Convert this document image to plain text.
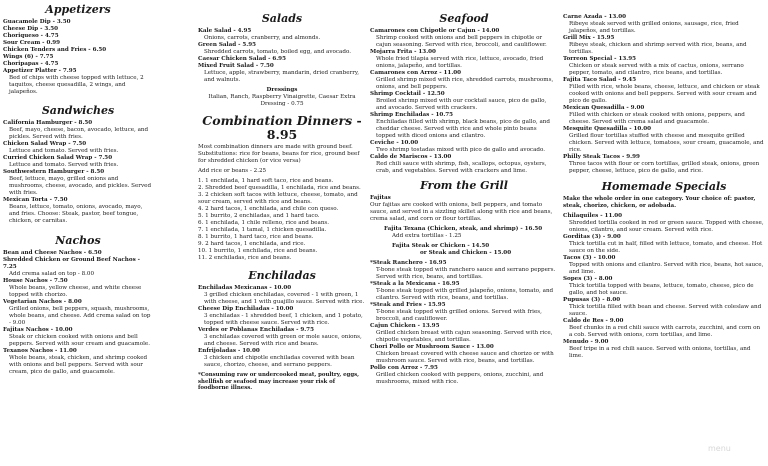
Appetizers

Guacamole Dip - 3.50

Cheese Dip - 3.50

Choriqueso - 4.75

Sour Cream - 0.99

Chicken Tenders and Fries - 6.50

Wings (6) - 7.75

Choripapas - 4.75

Appetizer Platter - 7.95

Bed of chips with cheese topped with lettuce, 2 taquitos, cheese quesadilla, 2 wings, and jalapeños.

Sandwiches

California Hamburger - 8.50

Beef, mayo, cheese, bacon, avocado, lettuce, and pickles. Served with fries.

Chicken Salad Wrap - 7.50

Lettuce and tomato. Served with fries.

Curried Chicken Salad Wrap - 7.50

Lettuce and tomato. Served with fries.

Southwestern Hamburger - 8.50

Beef, lettuce, mayo, grilled onions and mushrooms, cheese, avocado, and pickles. Served with fries.

Mexican Torta - 7.50

Beans, lettuce, tomato, onions, avocado, mayo, and fries. Choose: Steak, pastor, beef tongue, chicken, or carnitas.

Nachos

Bean and Cheese Nachos - 6.50

Shredded Chicken or Ground Beef Nachos - 7.25

Add crema salad on top - 8.00

House Nachos - 7.50

Whole beans, yellow cheese, and white cheese topped with chorizo.

Vegetarian Nachos - 8.00

Grilled onions, bell peppers, squash, mushrooms, whole beans, and cheese. Add crema salad on top - 9.00

Fajitas Nachos - 10.00

Steak or chicken cooked with onions and bell peppers. Served with sour cream and guacamole.

Texanos Nachos - 11.00

Whole beans, steak, chicken, and shrimp cooked with onions and bell peppers. Served with sour cream, pico de gallo, and guacamole.

Salads

Kale Salad - 4.95

Onions, carrots, cranberry, and almonds.

Green Salad - 5.95

Shredded carrots, tomato, boiled egg, and avocado.

Caesar Chicken Salad - 6.95

Mixed Fruit Salad - 7.50

Lettuce, apple, strawberry, mandarin, dried cranberry, and walnuts.

Dressings

Italian, Ranch, Raspberry Vinaigrette, Caesar Extra Dressing - 0.75

Combination Dinners - 8.95

Most combination dinners are made with ground beef. Substitutions: rice for beans, beans for rice, ground beef for shredded chicken (or vice versa)

Add rice or beans - 2.25

1. 1 enchilada, 1 hard soft taco, rice and beans.

2. Shredded beef quesadilla, 1 enchilada, rice and beans.

3. 2 chicken soft tacos with lettuce, cheese, tomato, and sour cream, served with rice and beans.

4. 2 hard tacos, 1 enchilada, and chile con queso.

5. 1 burrito, 2 enchiladas, and 1 hard taco.

6. 1 enchilada, 1 chile relleno, rice and beans.

7. 1 enchilada, 1 tamal, 1 chicken quesadilla.

8. 1 burrito, 1 hard taco, rice and beans.

9. 2 hard tacos, 1 enchilada, and rice.

10. 1 burrito, 1 enchilada, rice and beans.

11. 2 enchiladas, rice and beans.

Enchiladas

Enchiladas Mexicanas - 10.00

3 grilled chicken enchiladas, covered - 1 with green, 1 with cheese, and 1 with guajillo sauce. Served with rice.

Cheese Dip Enchiladas - 10.00

3 enchiladas - 1 shredded beef, 1 chicken, and 1 potato, topped with cheese sauce. Served with rice.

Verdes or Poblanas Enchiladas - 9.75

3 enchiladas covered with green or mole sauce, onions, and cheese. Served with rice and beans.

Enfrijoladas - 10.00

3 chicken and chipotle enchiladas covered with bean sauce, chorizo, cheese, and serrano peppers.

*Consuming raw or undercooked meat, poultry, eggs, shellfish or seafood may increase your risk of foodborne illness.

Seafood

Camarones con Chipotle or Cajun - 14.00

Shrimp cooked with onions and bell peppers in chipotle or cajun seasoning. Served with rice, broccoli, and cauliflower.

Mojarra Frita - 13.00

Whole fried tilapia served with rice, lettuce, avocado, fried onions, jalapeño, and tortillas.

Camarones con Arroz - 11.00

Grilled shrimp mixed with rice, shredded carrots, mushrooms, onions, and bell peppers.

Shrimp Cocktail - 12.50

Broiled shrimp mixed with our cocktail sauce, pico de gallo, and avocado. Served with crackers.

Shrimp Enchiladas - 10.75

Enchiladas filled with shrimp, black beans, pico de gallo, and cheddar cheese. Served with rice and whole pinto beans topped with diced onions and cilantro.

Ceviche - 10.00

Two shrimp tostadas mixed with pico de gallo and avocado.

Caldo de Mariscos - 13.00

Red chili sauce with shrimp, fish, scallops, octopus, oysters, crab, and vegetables. Served with crackers and lime.

From the Grill

Fajitas

Our fajitas are cooked with onions, bell peppers, and tomato sauce, and served in a sizzling skillet along with rice and beans, crema salad, and corn or flour tortillas.

Fajita Texana (Chicken, steak, and shrimp) - 16.50

Add extra tortillas - 1.25

Fajita Steak or Chicken - 14.50

or Steak and Chicken - 15.00

*Steak Ranchero - 16.95

T-bone steak topped with ranchero sauce and serrano peppers. Served with rice, beans, and tortillas.

*Steak a la Mexicana - 16.95

T-bone steak topped with grilled jalapeño, onions, tomato, and cilantro. Served with rice, beans, and tortillas.

*Steak and Fries - 15.95

T-bone steak topped with grilled onions. Served with fries, broccoli, and cauliflower.

Cajun Chicken - 13.95

Grilled chicken breast with cajun seasoning. Served with rice, chipotle vegetables, and tortillas.

Chori Pollo or Mushroom Sauce - 13.00

Chicken breast covered with cheese sauce and chorizo or with mushroom sauce. Served with rice, beans, and tortillas.

Pollo con Arroz - 7.95

Grilled chicken cooked with peppers, onions, zucchini, and mushrooms, mixed with rice.

Carne Azada - 13.00

Ribeye steak served with grilled onions, sausage, rice, fried jalapeños, and tortillas.

Grill Mix - 15.95

Ribeye steak, chicken and shrimp served with rice, beans, and tortillas.

Torreon Special - 13.95

Chicken or steak served with a mix of cactus, onions, serrano pepper, tomato, and cilantro, rice beans, and tortillas.

Fajita Taco Salad - 9.45

Filled with rice, whole beans, cheese, lettuce, and chicken or steak cooked with onions and bell peppers. Served with sour cream and pico de gallo.

Mexican Quesadilla - 9.00

Filled with chicken or steak cooked with onions, peppers, and cheese. Served with crema salad and guacamole.

Mesquite Quesadilla - 10.00

Grilled flour tortillas stuffed with cheese and mesquite grilled chicken. Served with lettuce, tomatoes, sour cream, guacamole, and rice.

Philly Steak Tacos - 9.99

Three tacos with flour or corn tortillas, grilled steak, onions, green pepper, cheese, lettuce, pico de gallo, and rice.

Homemade Specials

Make the whole order in one category. Your choice of: pastor, steak, chorizo, chicken, or adobada.

Chilaquiles - 11.00

Shredded tortilla cooked in red or green sauce. Topped with cheese, onions, cilantro, and sour cream. Served with rice.

Gorditas (3) - 9.00

Thick tortilla cut in half, filled with lettuce, tomato, and cheese. Hot sauce on the side.

Tacos (3) - 10.00

Topped with onions and cilantro. Served with rice, beans, hot sauce, and lime.

Sopes (3) - 8.00

Thick tortilla topped with beans, lettuce, tomato, cheese, pico de gallo, and hot sauce.

Pupusas (3) - 8.00

Thick tortilla filled with bean and cheese. Served with coleslaw and sauce.

Caldo de Res - 9.00

Beef chunks in a red chili sauce with carrots, zucchini, and corn on a cob. Served with onions, corn tortillas, and lime.

Menudo - 9.00

Beef tripe in a red chili sauce. Served with onions, tortillas, and lime.

menu
